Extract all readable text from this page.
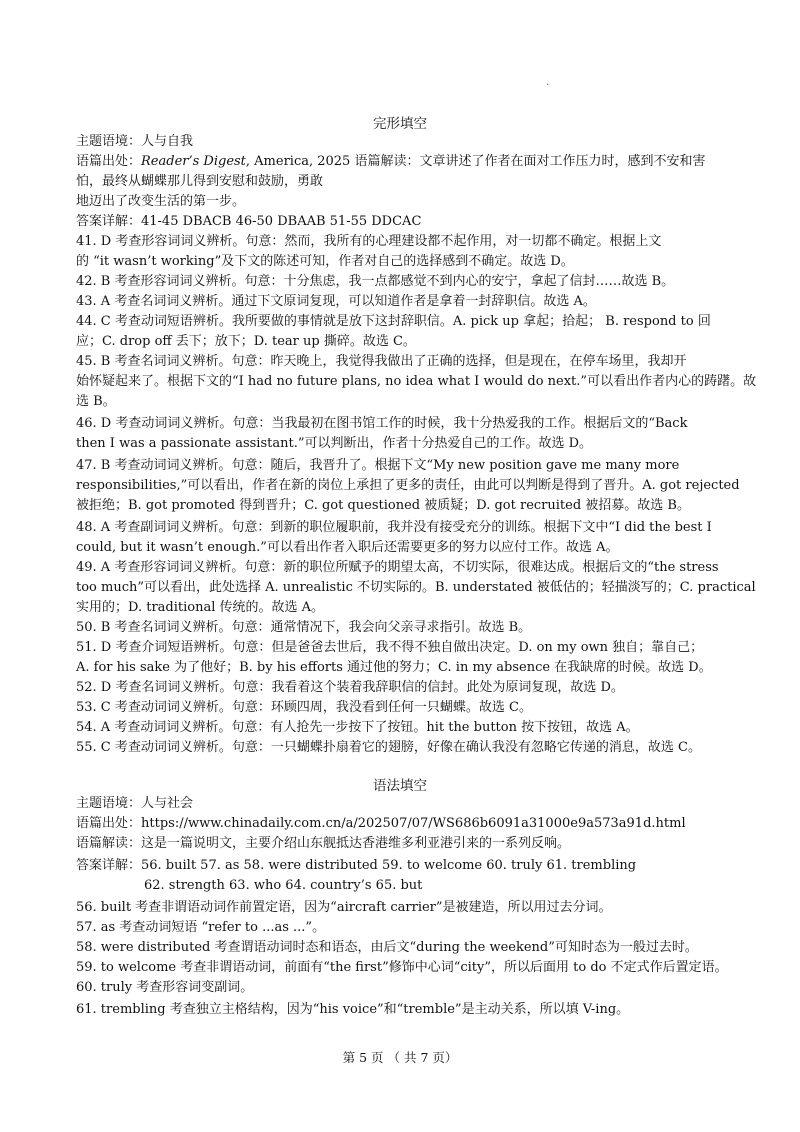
·
完形填空
主题语境：人与自我
语篇出处：Reader’s Digest, America, 2025 语篇解读：文章讲述了作者在面对工作压力时，感到不安和害
怕，最终从蝴蝶那儿得到安慰和鼓励，勇敢
地迈出了改变生活的第一步。
答案详解：41-45 DBACB 46-50 DBAAB 51-55 DDCAC
41. D 考查形容词词义辨析。句意：然而，我所有的心理建设都不起作用，对一切都不确定。根据上文
的 “it wasn’t working”及下文的陈述可知，作者对自己的选择感到不确定。故选 D。
42. B 考查形容词词义辨析。句意：十分焦虑，我一点都感觉不到内心的安宁，拿起了信封……故选 B。
43. A 考查名词词义辨析。通过下文原词复现，可以知道作者是拿着一封辞职信。故选 A。
44. C 考查动词短语辨析。我所要做的事情就是放下这封辞职信。A. pick up 拿起；拾起； B. respond to 回
应；C. drop off 丢下；放下；D. tear up 撕碎。故选 C。
45. B 考查名词词义辨析。句意：昨天晚上，我觉得我做出了正确的选择，但是现在，在停车场里，我却开
始怀疑起来了。根据下文的“I had no future plans, no idea what I would do next.”可以看出作者内心的踌躇。故
选 B。
46. D 考查动词词义辨析。句意：当我最初在图书馆工作的时候，我十分热爱我的工作。根据后文的“Back
then I was a passionate assistant.”可以判断出，作者十分热爱自己的工作。故选 D。
47. B 考查动词词义辨析。句意：随后，我晋升了。根据下文“My new position gave me many more
responsibilities,”可以看出，作者在新的岗位上承担了更多的责任，由此可以判断是得到了晋升。A. got rejected
被拒绝；B. got promoted 得到晋升；C. got questioned 被质疑；D. got recruited 被招募。故选 B。
48. A 考查副词词义辨析。句意：到新的职位履职前，我并没有接受充分的训练。根据下文中“I did the best I
could, but it wasn’t enough.”可以看出作者入职后还需要更多的努力以应付工作。故选 A。
49. A 考查形容词词义辨析。句意：新的职位所赋予的期望太高，不切实际，很难达成。根据后文的“the stress
too much”可以看出，此处选择 A. unrealistic 不切实际的。B. understated 被低估的；轻描淡写的；C. practical
实用的；D. traditional 传统的。故选 A。
50. B 考查名词词义辨析。句意：通常情况下，我会向父亲寻求指引。故选 B。
51. D 考查介词短语辨析。句意：但是爸爸去世后，我不得不独自做出决定。D. on my own 独自；靠自己；
A. for his sake 为了他好；B. by his efforts 通过他的努力；C. in my absence 在我缺席的时候。故选 D。
52. D 考查名词词义辨析。句意：我看着这个装着我辞职信的信封。此处为原词复现，故选 D。
53. C 考查动词词义辨析。句意：环顾四周，我没看到任何一只蝴蝶。故选 C。
54. A 考查动词词义辨析。句意：有人抢先一步按下了按钮。hit the button 按下按钮，故选 A。
55. C 考查动词词义辨析。句意：一只蝴蝶扑扇着它的翅膀，好像在确认我没有忽略它传递的消息，故选 C。
语法填空
主题语境：人与社会
语篇出处：https://www.chinadaily.com.cn/a/202507/07/WS686b6091a31000e9a573a91d.html
语篇解读：这是一篇说明文，主要介绍山东舰抵达香港维多利亚港引来的一系列反响。
答案详解：56. built 57. as 58. were distributed 59. to welcome 60. truly 61. trembling
62. strength 63. who 64. country’s 65. but
56. built 考查非谓语动词作前置定语，因为“aircraft carrier”是被建造，所以用过去分词。
57. as 考查动词短语 “refer to ...as ...”。
58. were distributed 考查谓语动词时态和语态，由后文“during the weekend”可知时态为一般过去时。
59. to welcome 考查非谓语动词，前面有“the first”修饰中心词“city”，所以后面用 to do 不定式作后置定语。
60. truly 考查形容词变副词。
61. trembling 考查独立主格结构，因为“his voice”和“tremble”是主动关系，所以填 V-ing。
第 5 页 （ 共 7 页）
